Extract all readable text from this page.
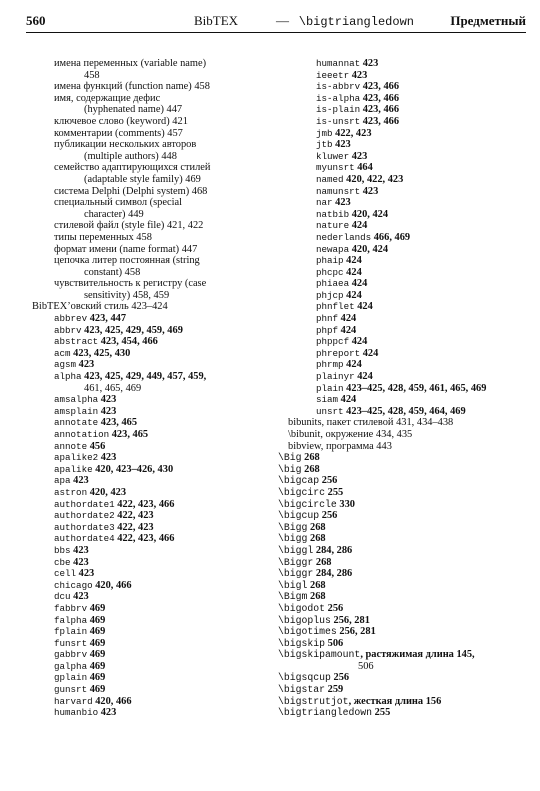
560	BibTEX	— \bigtriangledown	Предметный
имена переменных (variable name)
458
имена функций (function name) 458
имя, содержащие дефис
(hyphenated name) 447
ключевое слово (keyword) 421
комментарии (comments) 457
публикации нескольких авторов
(multiple authors) 448
семейство адаптирующихся стилей
(adaptable style family) 469
система Delphi (Delphi system) 468
специальный символ (special
character) 449
стилевой файл (style file) 421, 422
типы переменных 458
формат имени (name format) 447
цепочка литер постоянная (string
constant) 458
чувствительность к регистру (case
sensitivity) 458, 459
BibTEX’овский стиль 423–424
abbrev 423, 447
abbrv 423, 425, 429, 459, 469
abstract 423, 454, 466
acm 423, 425, 430
agsm 423
alpha 423, 425, 429, 449, 457, 459,
461, 465, 469
amsalpha 423
amsplain 423
annotate 423, 465
annotation 423, 465
annote 456
apalike2 423
apalike 420, 423–426, 430
apa 423
astron 420, 423
authordate1 422, 423, 466
authordate2 422, 423
authordate3 422, 423
authordate4 422, 423, 466
bbs 423
cbe 423
cell 423
chicago 420, 466
dcu 423
fabbrv 469
falpha 469
fplain 469
funsrt 469
gabbrv 469
galpha 469
gplain 469
gunsrt 469
harvard 420, 466
humanbio 423
humannat 423
ieeetr 423
is-abbrv 423, 466
is-alpha 423, 466
is-plain 423, 466
is-unsrt 423, 466
jmb 422, 423
jtb 423
kluwer 423
myunsrt 464
named 420, 422, 423
namunsrt 423
nar 423
natbib 420, 424
nature 424
nederlands 466, 469
newapa 420, 424
phaip 424
phcpc 424
phiaea 424
phjcp 424
phnflet 424
phnf 424
phpf 424
phppcf 424
phreport 424
phrmp 424
plainyr 424
plain 423–425, 428, 459, 461, 465, 469
siam 424
unsrt 423–425, 428, 459, 464, 469
bibunits, пакет стилевой 431, 434–438
\bibunit, окружение 434, 435
bibview, программа 443
\Big 268
\big 268
\bigcap 256
\bigcirc 255
\bigcircle 330
\bigcup 256
\Bigg 268
\bigg 268
\biggl 284, 286
\Biggr 268
\biggr 284, 286
\bigl 268
\Bigm 268
\bigodot 256
\bigoplus 256, 281
\bigotimes 256, 281
\bigskip 506
\bigskipamount, растяжимая длина 145,
506
\bigsqcup 256
\bigstar 259
\bigstrutjot, жесткая длина 156
\bigtriangledown 255
